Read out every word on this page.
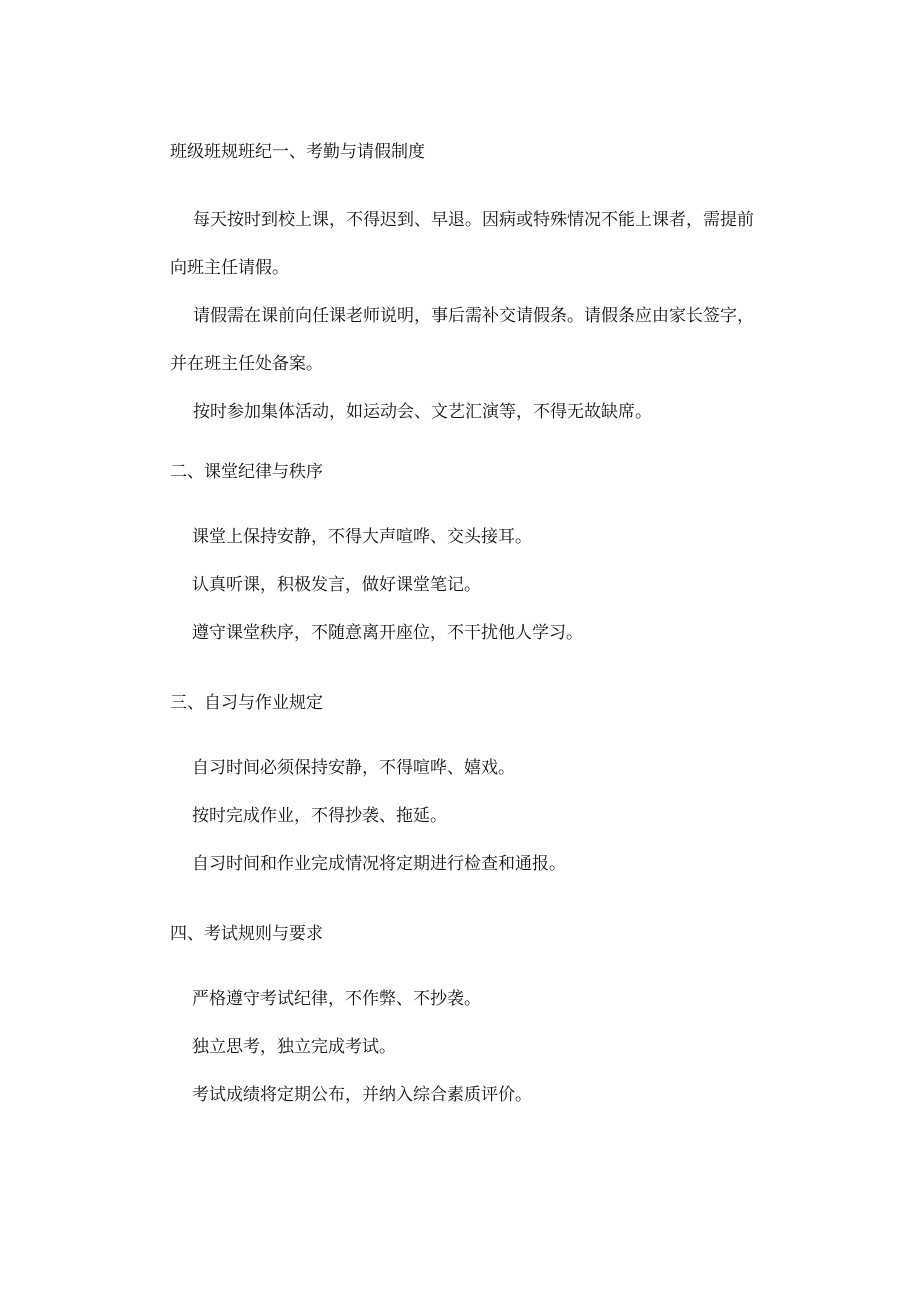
班级班规班纪一、考勤与请假制度

每天按时到校上课，不得迟到、早退。因病或特殊情况不能上课者，需提前向班主任请假。

请假需在课前向任课老师说明，事后需补交请假条。请假条应由家长签字，并在班主任处备案。

按时参加集体活动，如运动会、文艺汇演等，不得无故缺席。

二、课堂纪律与秩序
课堂上保持安静，不得大声喧哗、交头接耳。
认真听课，积极发言，做好课堂笔记。
遵守课堂秩序，不随意离开座位，不干扰他人学习。
三、自习与作业规定
自习时间必须保持安静，不得喧哗、嬉戏。
按时完成作业，不得抄袭、拖延。
自习时间和作业完成情况将定期进行检查和通报。
四、考试规则与要求
严格遵守考试纪律，不作弊、不抄袭。
独立思考，独立完成考试。
考试成绩将定期公布，并纳入综合素质评价。
